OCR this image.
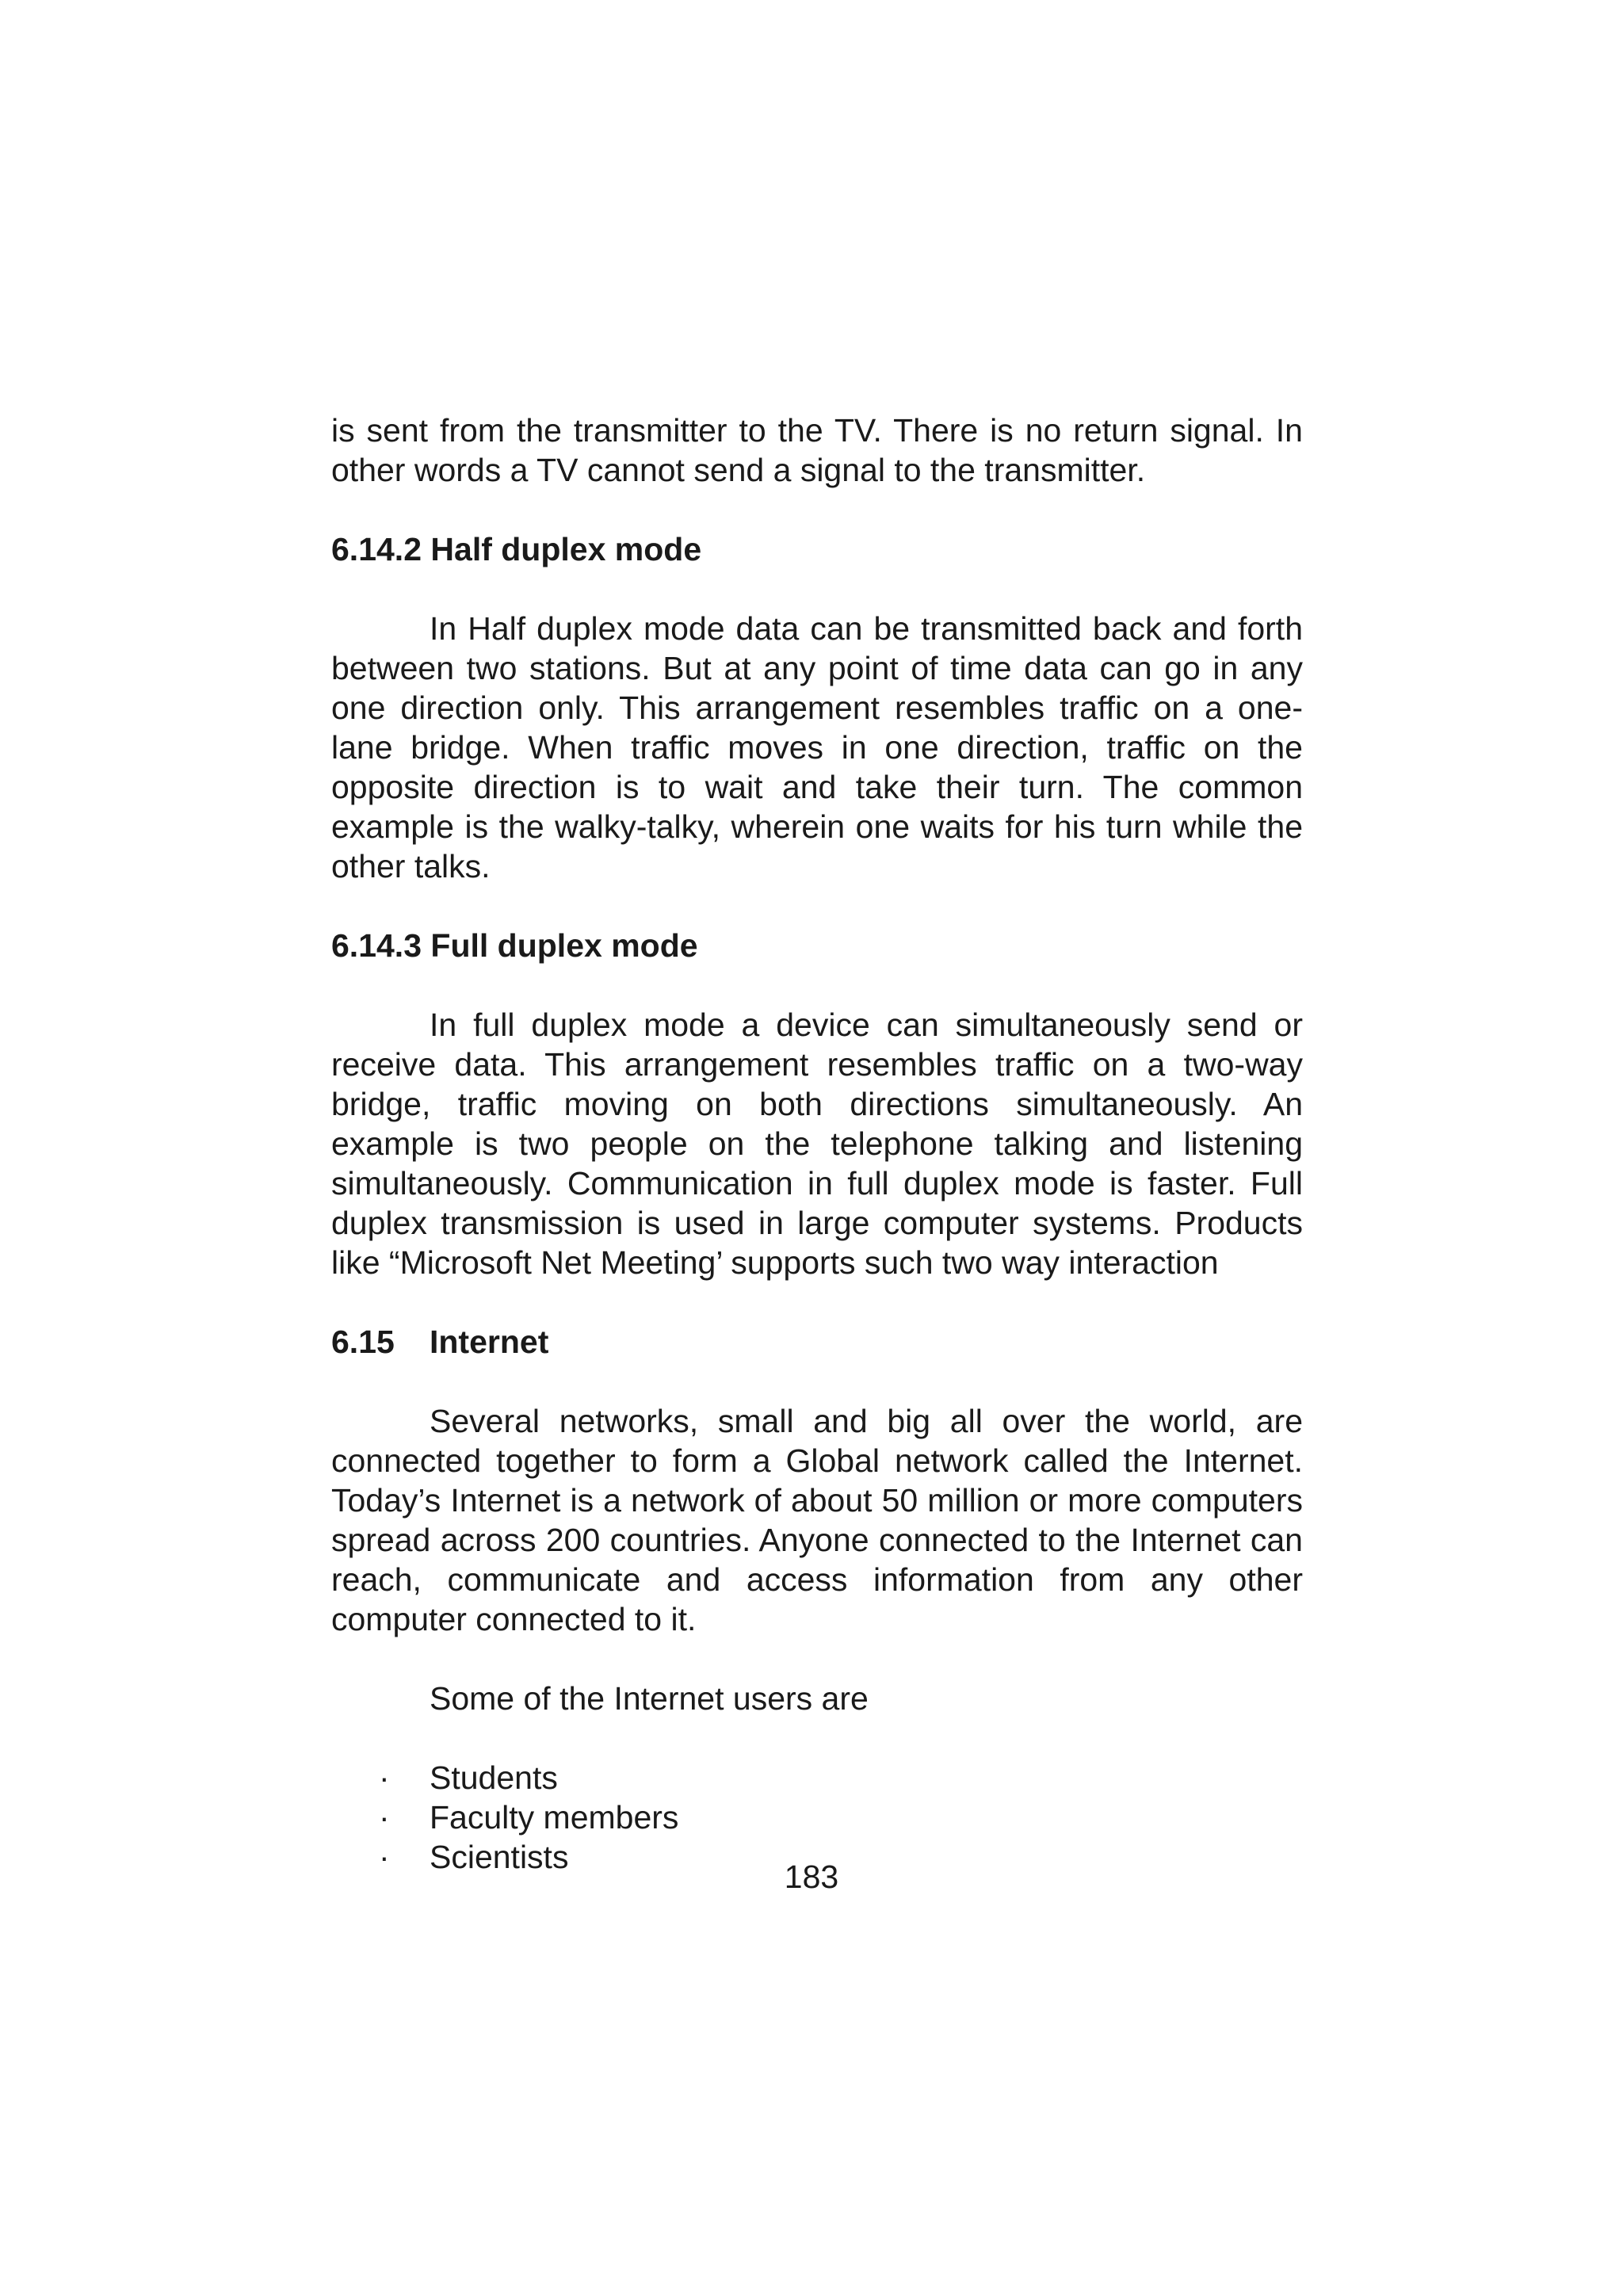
is sent from the transmitter to the TV. There is no return signal. In other words a TV cannot send a signal to the transmitter.

6.14.2 Half duplex mode

In Half duplex mode data can be transmitted back and forth between two stations. But at any point of time data can go in any one direction only. This arrangement resembles traffic on a one-lane bridge. When traffic moves in one direction, traffic on the opposite direction is to wait and take their turn. The common example is the walky-talky, wherein one waits for his turn while the other talks.

6.14.3 Full duplex mode

In full duplex mode a device can simultaneously send or receive data. This arrangement resembles traffic on a two-way bridge, traffic moving on both directions simultaneously. An example is two people on the telephone talking and listening simultaneously. Communication in full duplex mode is faster. Full duplex transmission is used in large computer systems. Products like “Microsoft Net Meeting’ supports such two way interaction

6.15 Internet

Several networks, small and big all over the world, are connected together to form a Global network called the Internet. Today’s Internet is a network of about 50 million or more computers spread across 200 countries. Anyone connected to the Internet can reach, communicate and access information from any other computer connected to it.

Some of the Internet users are

· Students
· Faculty members
· Scientists
183
